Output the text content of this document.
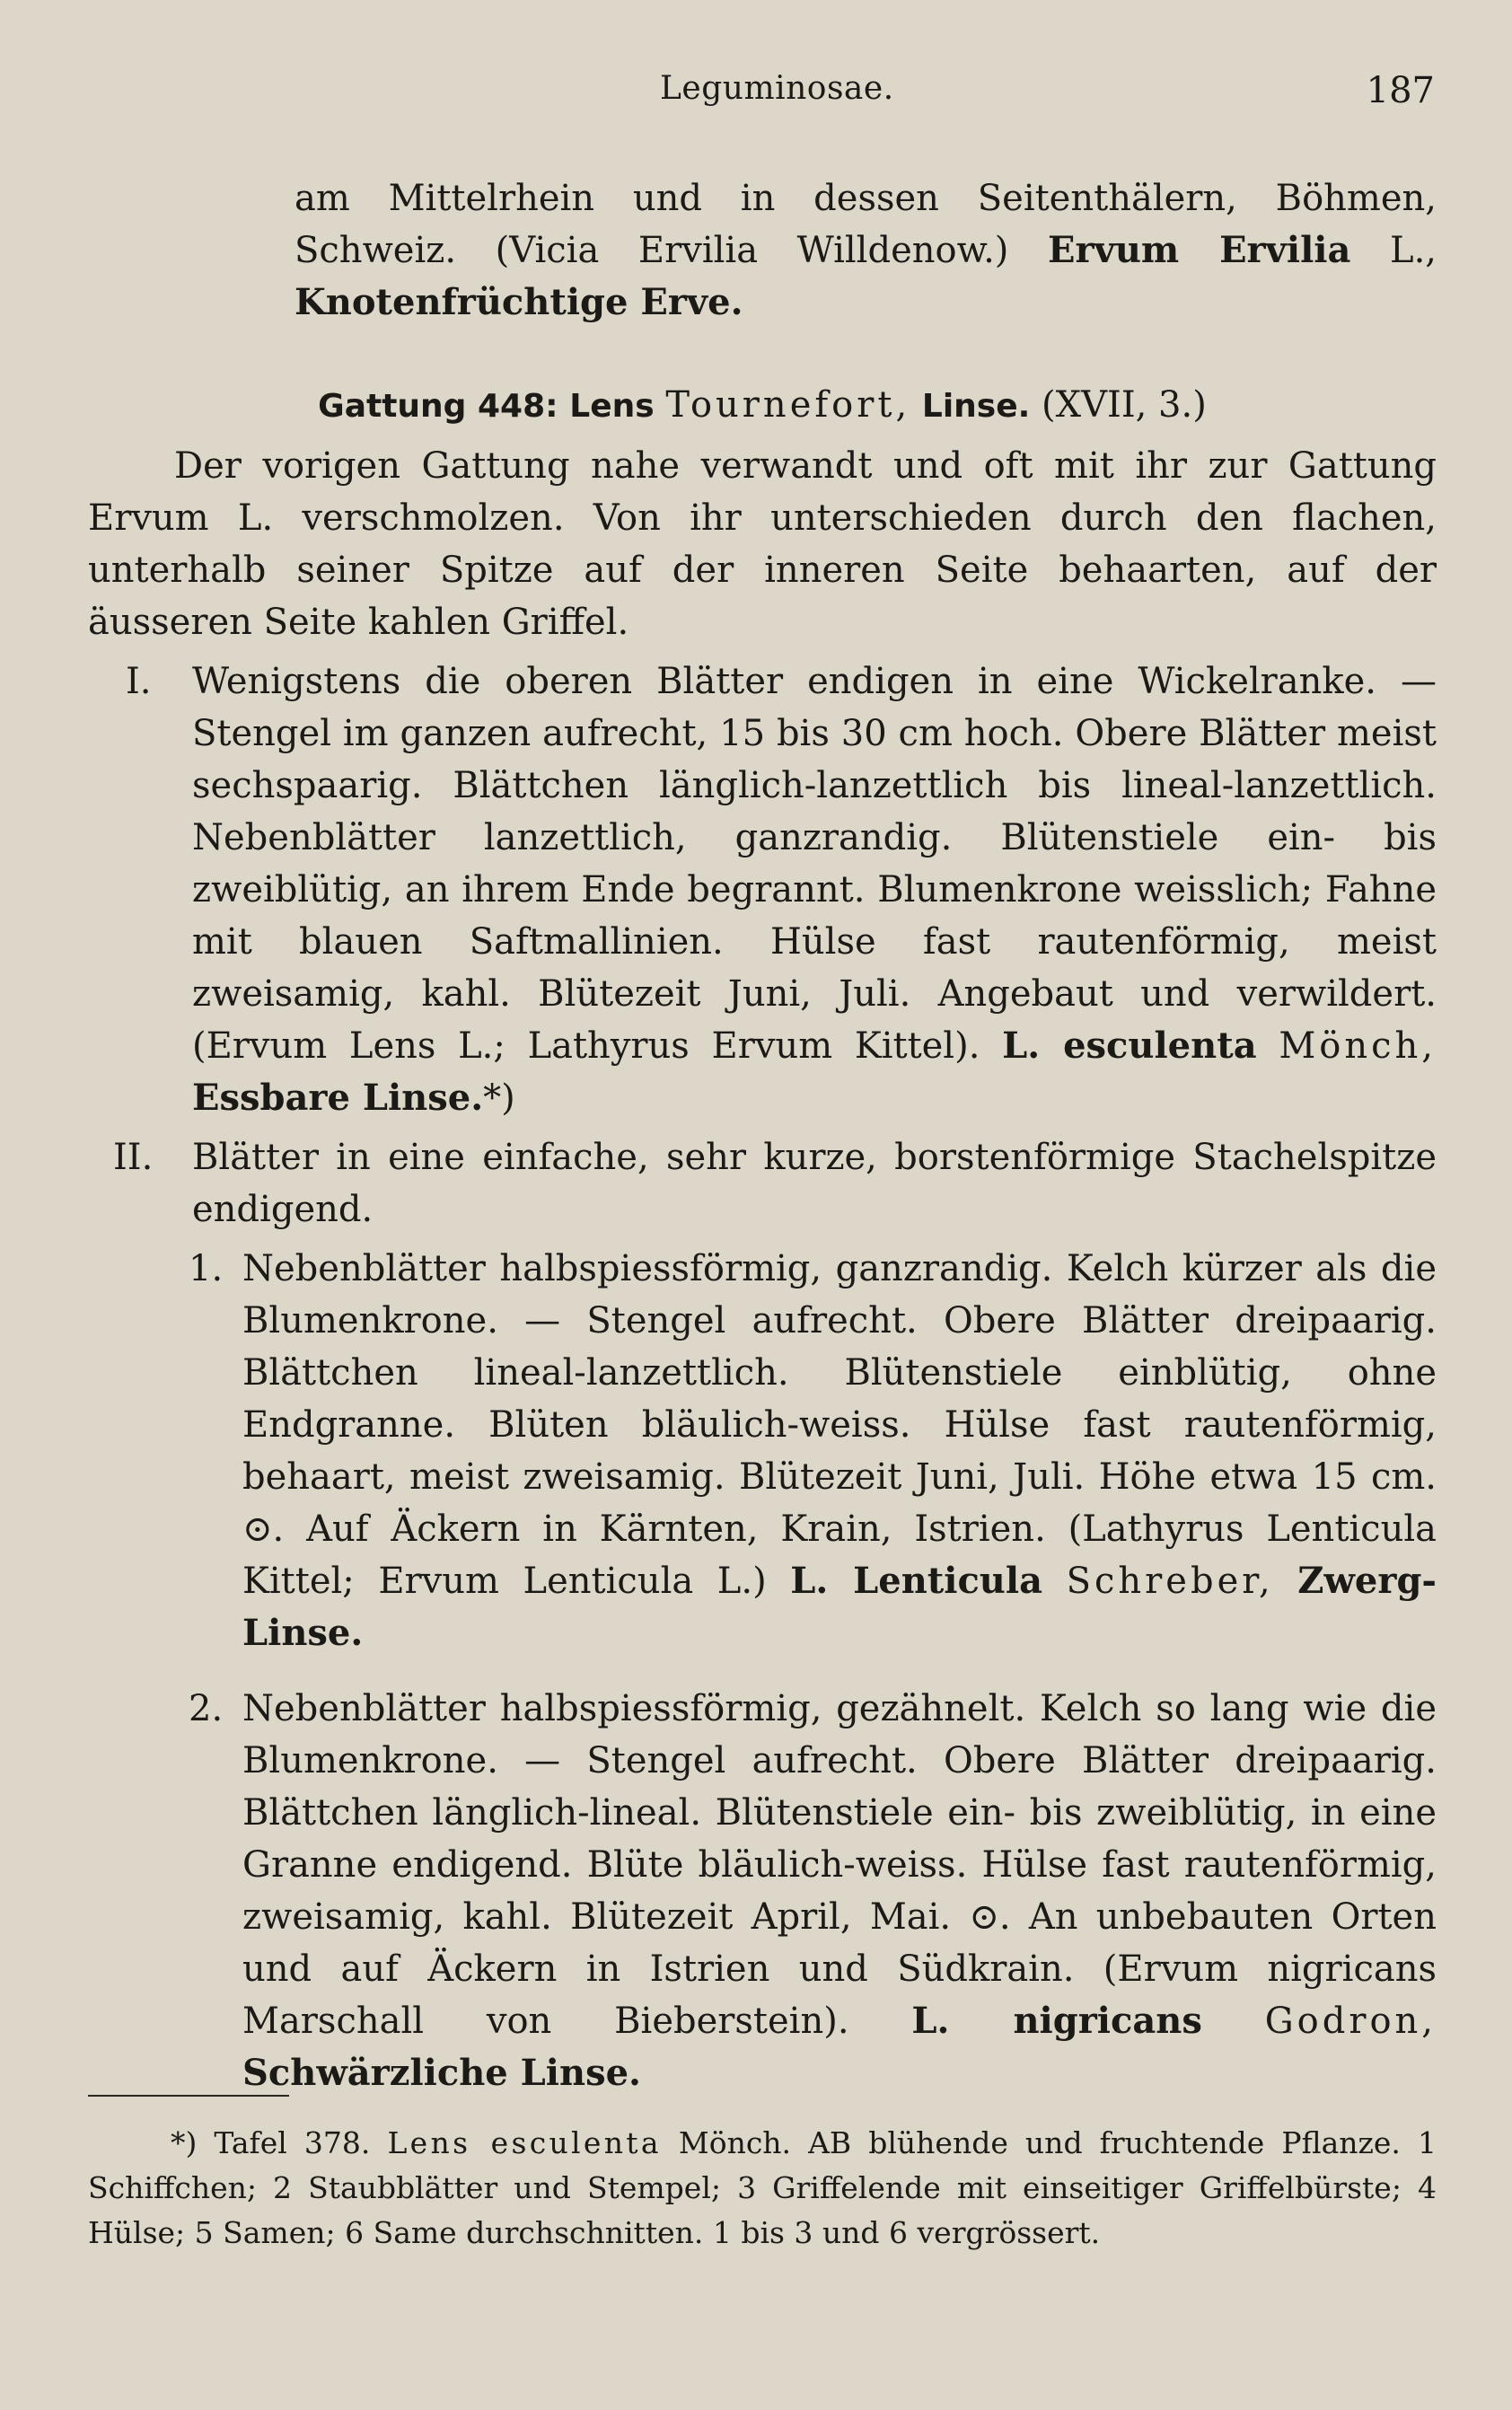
Leguminosae.	187

am Mittelrhein und in dessen Seitenthälern, Böhmen, Schweiz. (Vicia Ervilia Willdenow.) Ervum Ervilia L., Knotenfrüchtige Erve.

Gattung 448: Lens Tournefort, Linse. (XVII, 3.)

Der vorigen Gattung nahe verwandt und oft mit ihr zur Gattung Ervum L. verschmolzen. Von ihr unterschieden durch den flachen, unterhalb seiner Spitze auf der inneren Seite behaarten, auf der äusseren Seite kahlen Griffel.

I. Wenigstens die oberen Blätter endigen in eine Wickelranke. — Stengel im ganzen aufrecht, 15 bis 30 cm hoch. Obere Blätter meist sechspaarig. Blättchen länglich-lanzettlich bis lineal-lanzettlich. Nebenblätter lanzettlich, ganzrandig. Blütenstiele ein- bis zweiblütig, an ihrem Ende begrannt. Blumenkrone weisslich; Fahne mit blauen Saftmallinien. Hülse fast rautenförmig, meist zweisamig, kahl. Blütezeit Juni, Juli. Angebaut und verwildert. (Ervum Lens L.; Lathyrus Ervum Kittel). L. esculenta Mönch, Essbare Linse.*)
II. Blätter in eine einfache, sehr kurze, borstenförmige Stachelspitze endigend.
1. Nebenblätter halbspiessförmig, ganzrandig. Kelch kürzer als die Blumenkrone. — Stengel aufrecht. Obere Blätter dreipaarig. Blättchen lineal-lanzettlich. Blütenstiele einblütig, ohne Endgranne. Blüten bläulich-weiss. Hülse fast rautenförmig, behaart, meist zweisamig. Blütezeit Juni, Juli. Höhe etwa 15 cm. ⊙. Auf Äckern in Kärnten, Krain, Istrien. (Lathyrus Lenticula Kittel; Ervum Lenticula L.) L. Lenticula Schreber, Zwerg-Linse.
2. Nebenblätter halbspiessförmig, gezähnelt. Kelch so lang wie die Blumenkrone. — Stengel aufrecht. Obere Blätter dreipaarig. Blättchen länglich-lineal. Blütenstiele ein- bis zweiblütig, in eine Granne endigend. Blüte bläulich-weiss. Hülse fast rautenförmig, zweisamig, kahl. Blütezeit April, Mai. ⊙. An unbebauten Orten und auf Äckern in Istrien und Südkrain. (Ervum nigricans Marschall von Bieberstein). L. nigricans Godron, Schwärzliche Linse.

*) Tafel 378. Lens esculenta Mönch. AB blühende und fruchtende Pflanze. 1 Schiffchen; 2 Staubblätter und Stempel; 3 Griffelende mit einseitiger Griffelbürste; 4 Hülse; 5 Samen; 6 Same durchschnitten. 1 bis 3 und 6 vergrössert.
